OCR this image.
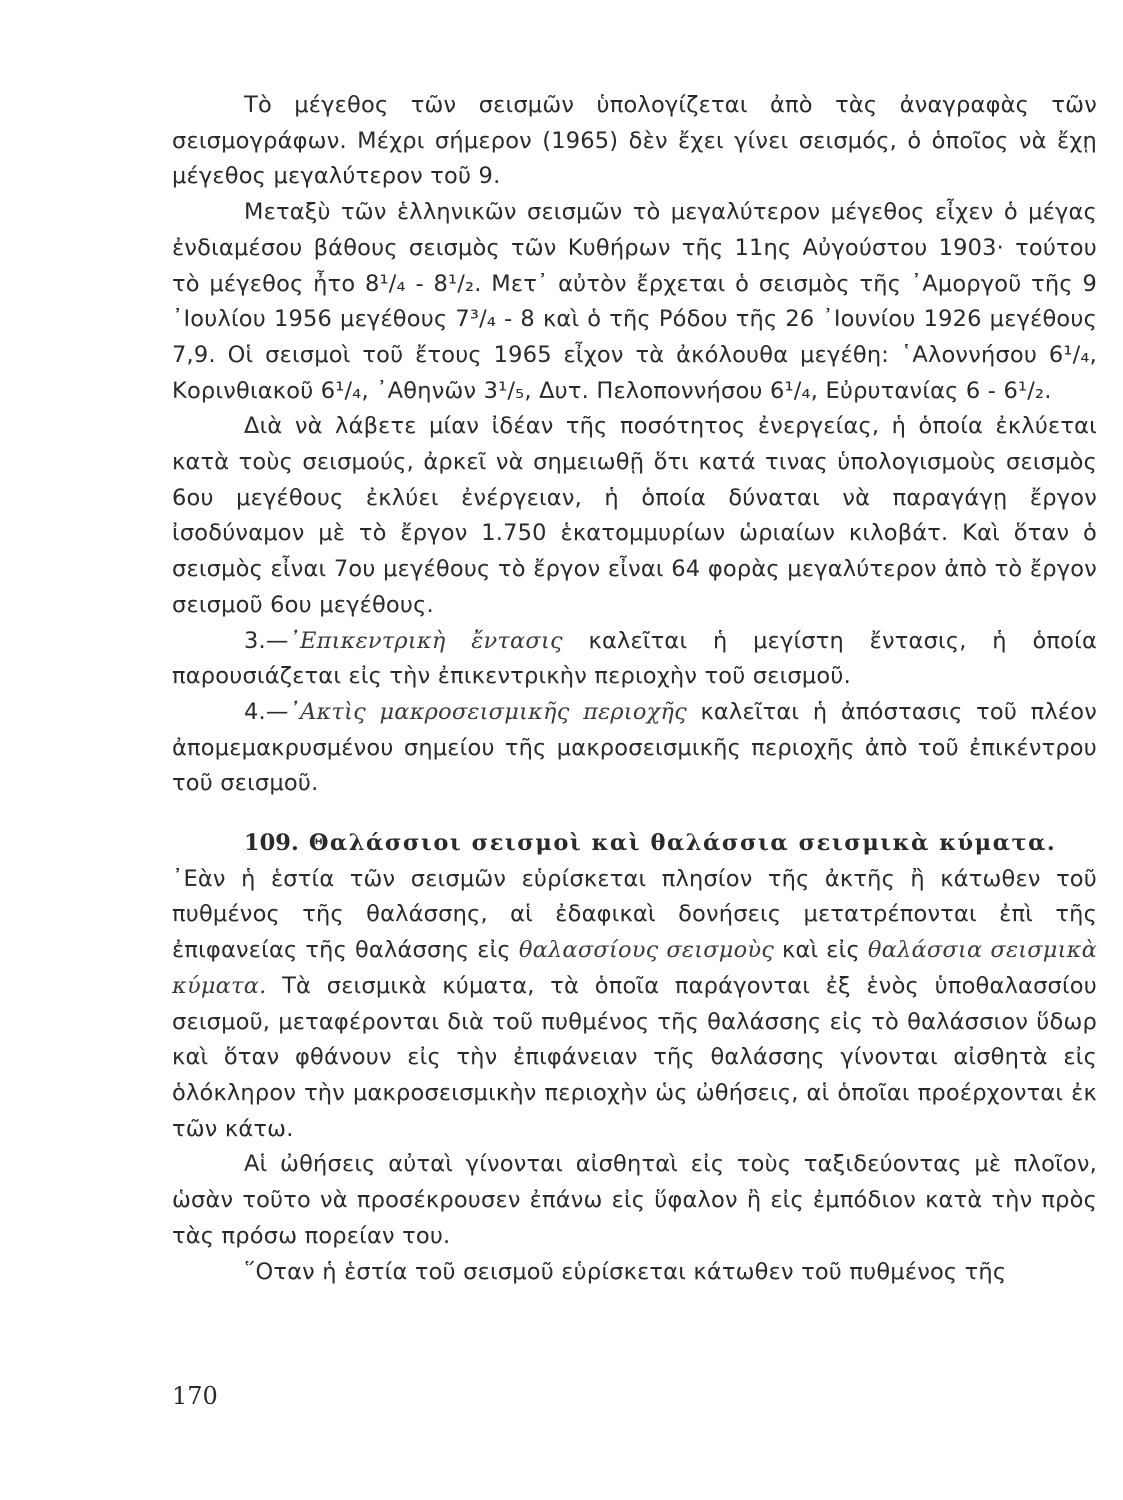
Τὸ μέγεθος τῶν σεισμῶν ὑπολογίζεται ἀπὸ τὰς ἀναγραφὰς τῶν σεισμογράφων. Μέχρι σήμερον (1965) δὲν ἔχει γίνει σεισμός, ὁ ὁποῖος νὰ ἔχῃ μέγεθος μεγαλύτερον τοῦ 9.

Μεταξὺ τῶν ἑλληνικῶν σεισμῶν τὸ μεγαλύτερον μέγεθος εἶχεν ὁ μέγας ἐνδιαμέσου βάθους σεισμὸς τῶν Κυθήρων τῆς 11ης Αὐγούστου 1903· τούτου τὸ μέγεθος ἦτο 8¹/₄ - 8¹/₂. Μετ᾽ αὐτὸν ἔρχεται ὁ σεισμὸς τῆς ᾽Αμοργοῦ τῆς 9 ᾽Ιουλίου 1956 μεγέθους 7³/₄ - 8 καὶ ὁ τῆς Ρόδου τῆς 26 ᾽Ιουνίου 1926 μεγέθους 7,9. Οἱ σεισμοὶ τοῦ ἔτους 1965 εἶχον τὰ ἀκόλουθα μεγέθη: ῾Αλοννήσου 6¹/₄, Κορινθιακοῦ 6¹/₄, ᾽Αθηνῶν 3¹/₅, Δυτ. Πελοποννήσου 6¹/₄, Εὐρυτανίας 6 - 6¹/₂.

Διὰ νὰ λάβετε μίαν ἰδέαν τῆς ποσότητος ἐνεργείας, ἡ ὁποία ἐκλύεται κατὰ τοὺς σεισμούς, ἀρκεῖ νὰ σημειωθῇ ὅτι κατά τινας ὑπολογισμοὺς σεισμὸς 6ου μεγέθους ἐκλύει ἐνέργειαν, ἡ ὁποία δύναται νὰ παραγάγῃ ἔργον ἰσοδύναμον μὲ τὸ ἔργον 1.750 ἑκατομμυρίων ὡριαίων κιλοβάτ. Καὶ ὅταν ὁ σεισμὸς εἶναι 7ου μεγέθους τὸ ἔργον εἶναι 64 φορὰς μεγαλύτερον ἀπὸ τὸ ἔργον σεισμοῦ 6ου μεγέθους.

3.—᾽Επικεντρικὴ ἔντασις καλεῖται ἡ μεγίστη ἔντασις, ἡ ὁποία παρουσιάζεται εἰς τὴν ἐπικεντρικὴν περιοχὴν τοῦ σεισμοῦ.

4.—᾽Ακτὶς μακροσεισμικῆς περιοχῆς καλεῖται ἡ ἀπόστασις τοῦ πλέον ἀπομεμακρυσμένου σημείου τῆς μακροσεισμικῆς περιοχῆς ἀπὸ τοῦ ἐπικέντρου τοῦ σεισμοῦ.

109. Θαλάσσιοι σεισμοὶ καὶ θαλάσσια σεισμικὰ κύματα.

᾽Εὰν ἡ ἑστία τῶν σεισμῶν εὑρίσκεται πλησίον τῆς ἀκτῆς ἢ κάτωθεν τοῦ πυθμένος τῆς θαλάσσης, αἱ ἐδαφικαὶ δονήσεις μετατρέπονται ἐπὶ τῆς ἐπιφανείας τῆς θαλάσσης εἰς θαλασσίους σεισμοὺς καὶ εἰς θαλάσσια σεισμικὰ κύματα. Τὰ σεισμικὰ κύματα, τὰ ὁποῖα παράγονται ἐξ ἑνὸς ὑποθαλασσίου σεισμοῦ, μεταφέρονται διὰ τοῦ πυθμένος τῆς θαλάσσης εἰς τὸ θαλάσσιον ὕδωρ καὶ ὅταν φθάνουν εἰς τὴν ἐπιφάνειαν τῆς θαλάσσης γίνονται αἰσθητὰ εἰς ὁλόκληρον τὴν μακροσεισμικὴν περιοχὴν ὡς ὠθήσεις, αἱ ὁποῖαι προέρχονται ἐκ τῶν κάτω.

Αἱ ὠθήσεις αὐταὶ γίνονται αἰσθηταὶ εἰς τοὺς ταξιδεύοντας μὲ πλοῖον, ὡσὰν τοῦτο νὰ προσέκρουσεν ἐπάνω εἰς ὕφαλον ἢ εἰς ἐμπόδιον κατὰ τὴν πρὸς τὰς πρόσω πορείαν του.

῞Οταν ἡ ἑστία τοῦ σεισμοῦ εὑρίσκεται κάτωθεν τοῦ πυθμένος τῆς

170
